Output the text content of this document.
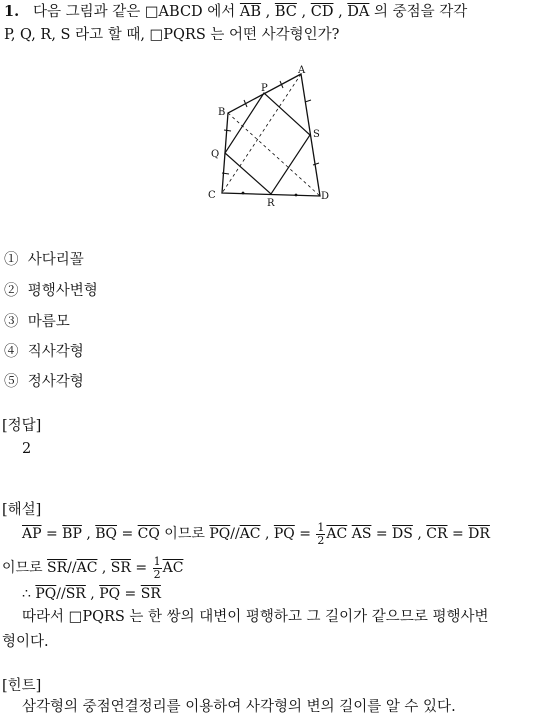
1. 다음 그림과 같은 □ABCD 에서 $\overline{AB}$ , $\overline{BC}$ , $\overline{CD}$ , $\overline{DA}$ 의 중점을 각각
P, Q, R, S 라고 할 때, □PQRS 는 어떤 사각형인가?
A
B
C	D
P
Q
R
S
① 사다리꼴
② 평행사변형
③ 마름모
④ 직사각형
⑤ 정사각형
[정답]
2
[해설]
$\overline{AP} = \overline{BP}$ , $\overline{BQ} = \overline{CQ}$ 이므로 $\overline{PQ}//\overline{AC}$ , $\overline{PQ} = \frac{1}{2} \overline{AC}$ $\overline{AS} = \overline{DS}$ , $\overline{CR} = \overline{DR}$
이므로 $\overline{SR}//\overline{AC}$ , $\overline{SR} = \frac{1}{2} \overline{AC}$
∴ $\overline{PQ}//\overline{SR}$ , $\overline{PQ} = \overline{SR}$
따라서 □PQRS 는 한 쌍의 대변이 평행하고 그 길이가 같으므로 평행사변
형이다.
[힌트]
삼각형의 중점연결정리를 이용하여 사각형의 변의 길이를 알 수 있다.
